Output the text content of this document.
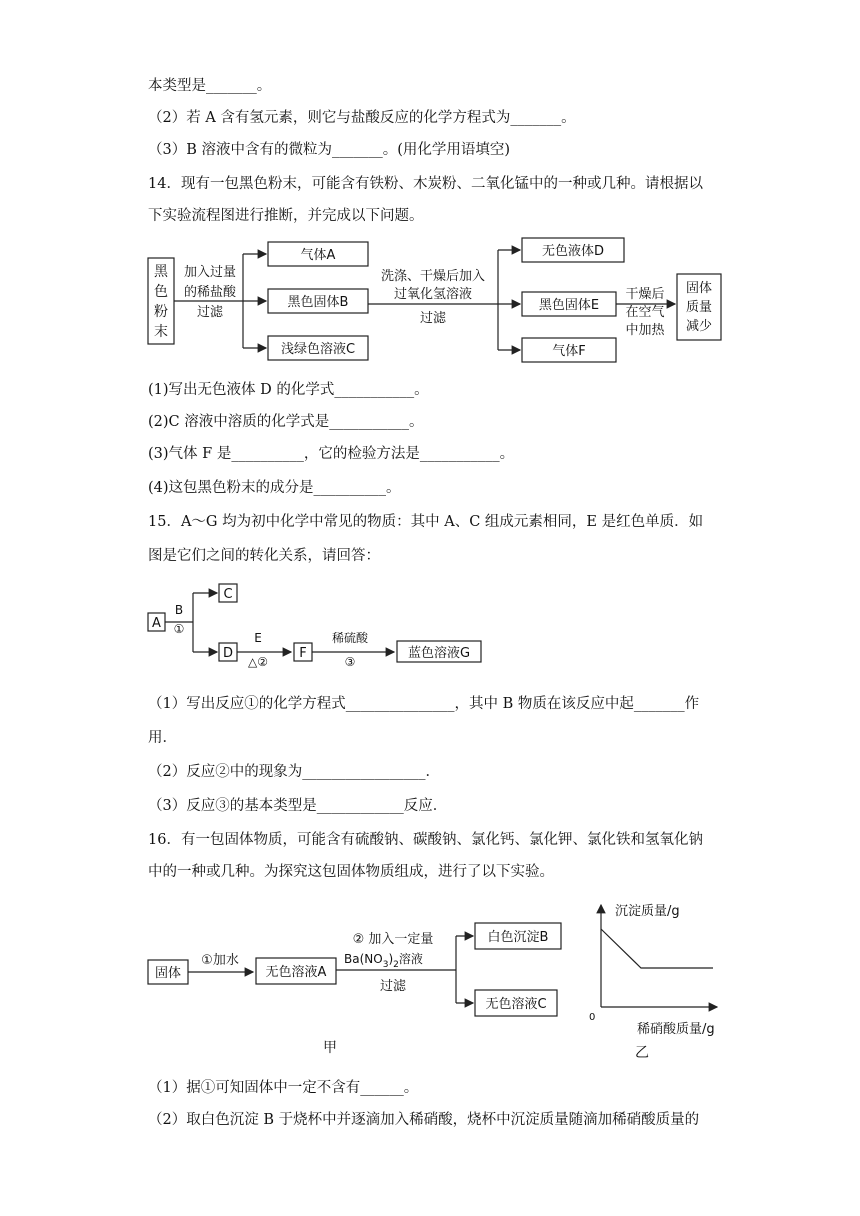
本类型是_______。
（2）若 A 含有氢元素，则它与盐酸反应的化学方程式为_______。
（3）B 溶液中含有的微粒为_______。(用化学用语填空)
14．现有一包黑色粉末，可能含有铁粉、木炭粉、二氧化锰中的一种或几种。请根据以
下实验流程图进行推断，并完成以下问题。
黑
色
粉
末
加入过量
的稀盐酸
过滤
气体A
黑色固体B
浅绿色溶液C
洗涤、干燥后加入
过氧化氢溶液
过滤
无色液体D
黑色固体E
气体F
干燥后
在空气
中加热
固体
质量
减少
(1)写出无色液体 D 的化学式___________。
(2)C 溶液中溶质的化学式是___________。
(3)气体 F 是__________，它的检验方法是___________。
(4)这包黑色粉末的成分是__________。
15．A～G 均为初中化学中常见的物质：其中 A、C 组成元素相同，E 是红色单质．如
图是它们之间的转化关系，请回答：
A
B
①
C
D
E
△②
F
稀硫酸
③
蓝色溶液G
（1）写出反应①的化学方程式_______________，其中 B 物质在该反应中起_______作
用．
（2）反应②中的现象为_________________．
（3）反应③的基本类型是____________反应．
16．有一包固体物质，可能含有硫酸钠、碳酸钠、氯化钙、氯化钾、氯化铁和氢氧化钠
中的一种或几种。为探究这包固体物质组成，进行了以下实验。
固体
①加水
无色溶液A
② 加入一定量
$Ba(NO_3)_2$溶液
过滤
白色沉淀B
无色溶液C
甲
沉淀质量/g
0
稀硝酸质量/g
乙
（1）据①可知固体中一定不含有______。
（2）取白色沉淀 B 于烧杯中并逐滴加入稀硝酸，烧杯中沉淀质量随滴加稀硝酸质量的
